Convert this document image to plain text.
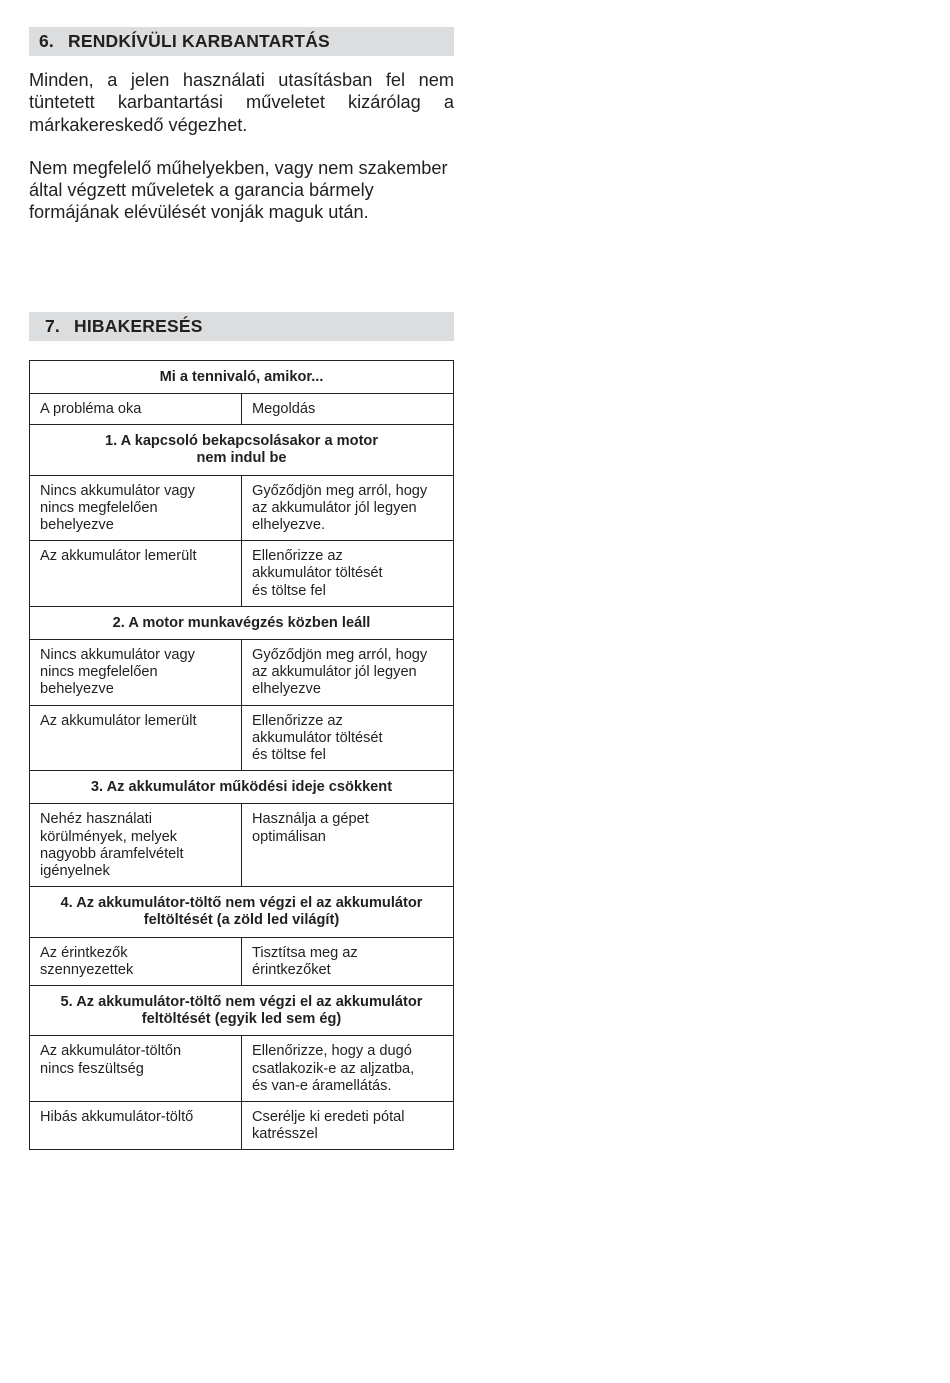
6. RENDKÍVÜLI KARBANTARTÁS

Minden, a jelen használati utasításban fel nem tüntetett karbantartási műveletet kizárólag a márkakereskedő végezhet.

Nem megfelelő műhelyekben, vagy nem szakember által végzett műveletek a garancia bármely formájának elévülését vonják maguk után.

7. HIBAKERESÉS
Mi a tennivaló, amikor...	
A probléma oka	Megoldás
1. A kapcsoló bekapcsolásakor a motor
nem indul be	
Nincs akkumulátor vagy
nincs megfelelően
behelyezve	Győződjön meg arról, hogy
az akkumulátor jól legyen
elhelyezve.
Az akkumulátor lemerült	Ellenőrizze az
akkumulátor töltését
és töltse fel
2. A motor munkavégzés közben leáll	
Nincs akkumulátor vagy
nincs megfelelően
behelyezve	Győződjön meg arról, hogy
az akkumulátor jól legyen
elhelyezve
Az akkumulátor lemerült	Ellenőrizze az
akkumulátor töltését
és töltse fel
3. Az akkumulátor működési ideje csökkent	
Nehéz használati
körülmények, melyek
nagyobb áramfelvételt
igényelnek	Használja a gépet
optimálisan
4. Az akkumulátor-töltő nem végzi el az akkumulátor
feltöltését (a zöld led világít)	
Az érintkezők
szennyezettek	Tisztítsa meg az
érintkezőket
5. Az akkumulátor-töltő nem végzi el az akkumulátor
feltöltését (egyik led sem ég)	
Az akkumulátor-töltőn
nincs feszültség	Ellenőrizze, hogy a dugó
csatlakozik-e az aljzatba,
és van-e áramellátás.
Hibás akkumulátor-töltő	Cserélje ki eredeti pótal
katrésszel
